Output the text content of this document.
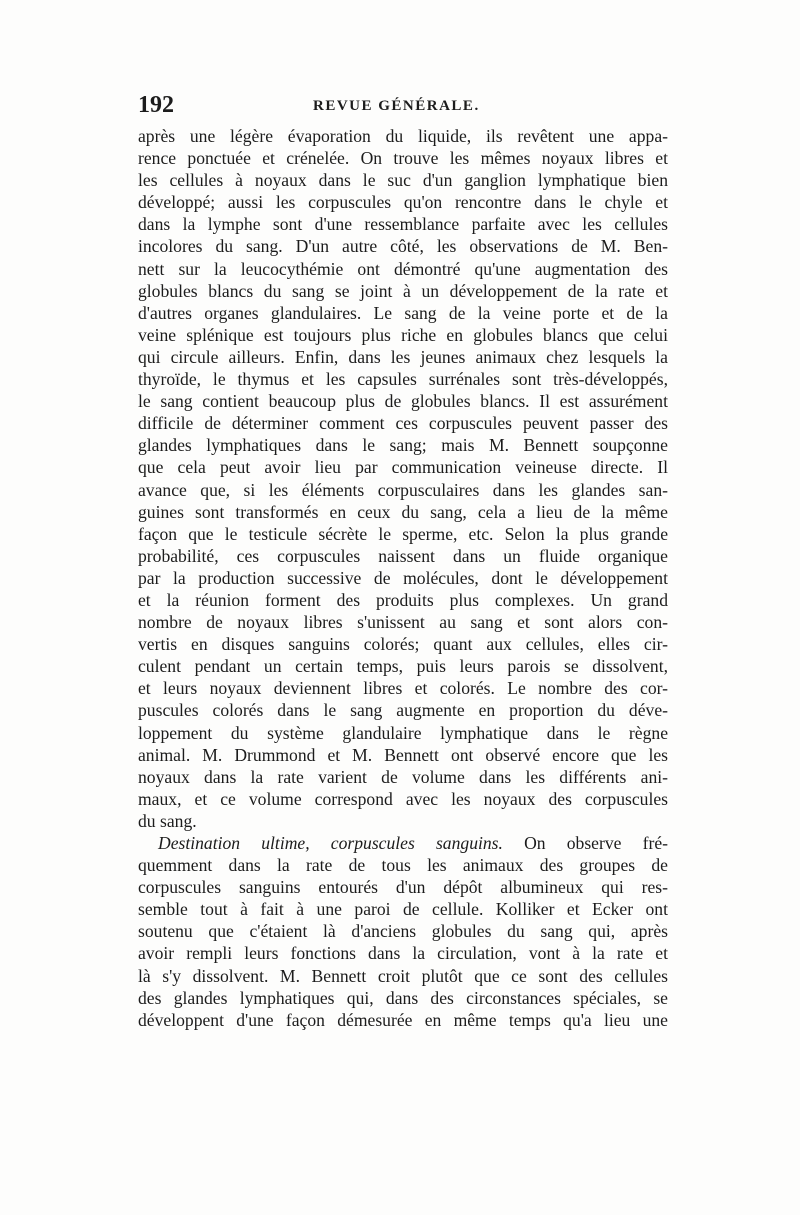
192	REVUE GÉNÉRALE.
après une légère évaporation du liquide, ils revêtent une appa-
rence ponctuée et crénelée. On trouve les mêmes noyaux libres et
les cellules à noyaux dans le suc d'un ganglion lymphatique bien
développé; aussi les corpuscules qu'on rencontre dans le chyle et
dans la lymphe sont d'une ressemblance parfaite avec les cellules
incolores du sang. D'un autre côté, les observations de M. Ben-
nett sur la leucocythémie ont démontré qu'une augmentation des
globules blancs du sang se joint à un développement de la rate et
d'autres organes glandulaires. Le sang de la veine porte et de la
veine splénique est toujours plus riche en globules blancs que celui
qui circule ailleurs. Enfin, dans les jeunes animaux chez lesquels la
thyroïde, le thymus et les capsules surrénales sont très-développés,
le sang contient beaucoup plus de globules blancs. Il est assurément
difficile de déterminer comment ces corpuscules peuvent passer des
glandes lymphatiques dans le sang; mais M. Bennett soupçonne
que cela peut avoir lieu par communication veineuse directe. Il
avance que, si les éléments corpusculaires dans les glandes san-
guines sont transformés en ceux du sang, cela a lieu de la même
façon que le testicule sécrète le sperme, etc. Selon la plus grande
probabilité, ces corpuscules naissent dans un fluide organique
par la production successive de molécules, dont le développement
et la réunion forment des produits plus complexes. Un grand
nombre de noyaux libres s'unissent au sang et sont alors con-
vertis en disques sanguins colorés; quant aux cellules, elles cir-
culent pendant un certain temps, puis leurs parois se dissolvent,
et leurs noyaux deviennent libres et colorés. Le nombre des cor-
puscules colorés dans le sang augmente en proportion du déve-
loppement du système glandulaire lymphatique dans le règne
animal. M. Drummond et M. Bennett ont observé encore que les
noyaux dans la rate varient de volume dans les différents ani-
maux, et ce volume correspond avec les noyaux des corpuscules
du sang.
Destination ultime, corpuscules sanguins. On observe fré-
quemment dans la rate de tous les animaux des groupes de
corpuscules sanguins entourés d'un dépôt albumineux qui res-
semble tout à fait à une paroi de cellule. Kolliker et Ecker ont
soutenu que c'étaient là d'anciens globules du sang qui, après
avoir rempli leurs fonctions dans la circulation, vont à la rate et
là s'y dissolvent. M. Bennett croit plutôt que ce sont des cellules
des glandes lymphatiques qui, dans des circonstances spéciales, se
développent d'une façon démesurée en même temps qu'a lieu une
